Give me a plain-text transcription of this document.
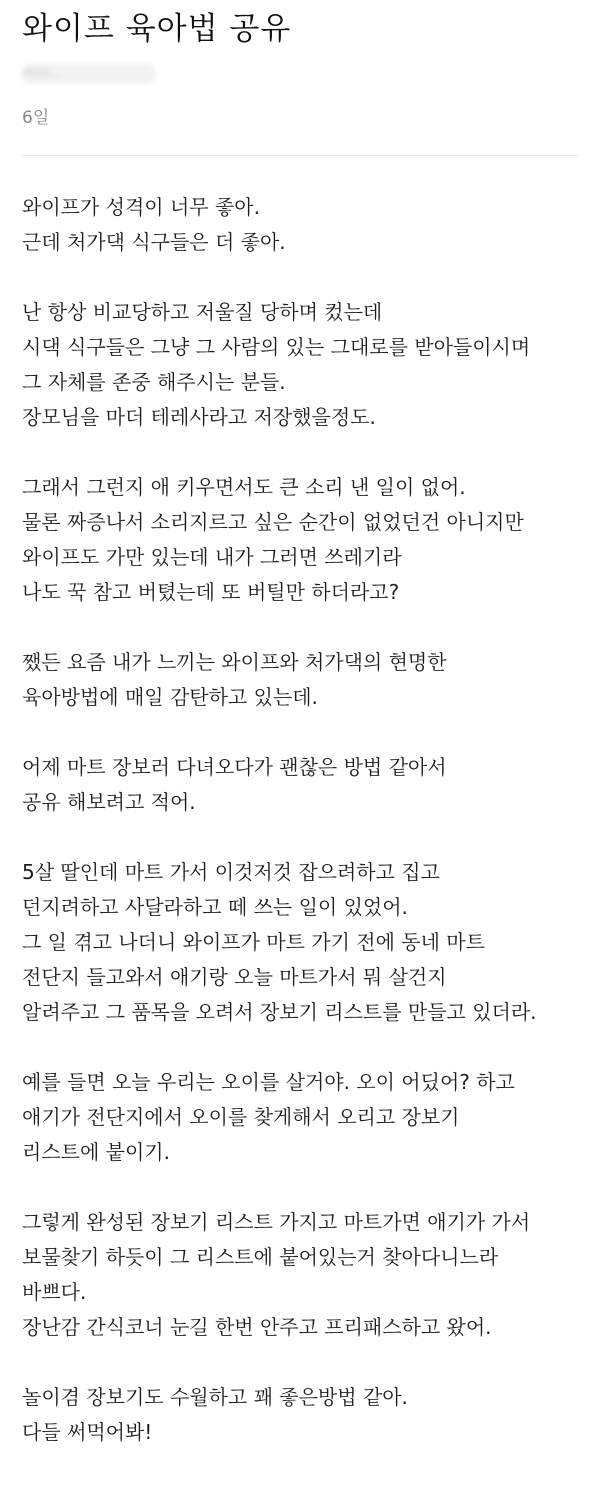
와이프 육아법 공유
Hiiiii...
6일
와이프가 성격이 너무 좋아.
근데 처가댁 식구들은 더 좋아.
난 항상 비교당하고 저울질 당하며 컸는데
시댁 식구들은 그냥 그 사람의 있는 그대로를 받아들이시며
그 자체를 존중 해주시는 분들.
장모님을 마더 테레사라고 저장했을정도.
그래서 그런지 애 키우면서도 큰 소리 낸 일이 없어.
물론 짜증나서 소리지르고 싶은 순간이 없었던건 아니지만
와이프도 가만 있는데 내가 그러면 쓰레기라
나도 꾹 참고 버텼는데 또 버틸만 하더라고?
쨌든 요즘 내가 느끼는 와이프와 처가댁의 현명한
육아방법에 매일 감탄하고 있는데.
어제 마트 장보러 다녀오다가 괜찮은 방법 같아서
공유 해보려고 적어.
5살 딸인데 마트 가서 이것저것 잡으려하고 집고
던지려하고 사달라하고 떼 쓰는 일이 있었어.
그 일 겪고 나더니 와이프가 마트 가기 전에 동네 마트
전단지 들고와서 애기랑 오늘 마트가서 뭐 살건지
알려주고 그 품목을 오려서 장보기 리스트를 만들고 있더라.
예를 들면 오늘 우리는 오이를 살거야. 오이 어딨어? 하고
애기가 전단지에서 오이를 찾게해서 오리고 장보기
리스트에 붙이기.
그렇게 완성된 장보기 리스트 가지고 마트가면 애기가 가서
보물찾기 하듯이 그 리스트에 붙어있는거 찾아다니느라
바쁘다.
장난감 간식코너 눈길 한번 안주고 프리패스하고 왔어.
놀이겸 장보기도 수월하고 꽤 좋은방법 같아.
다들 써먹어봐!
